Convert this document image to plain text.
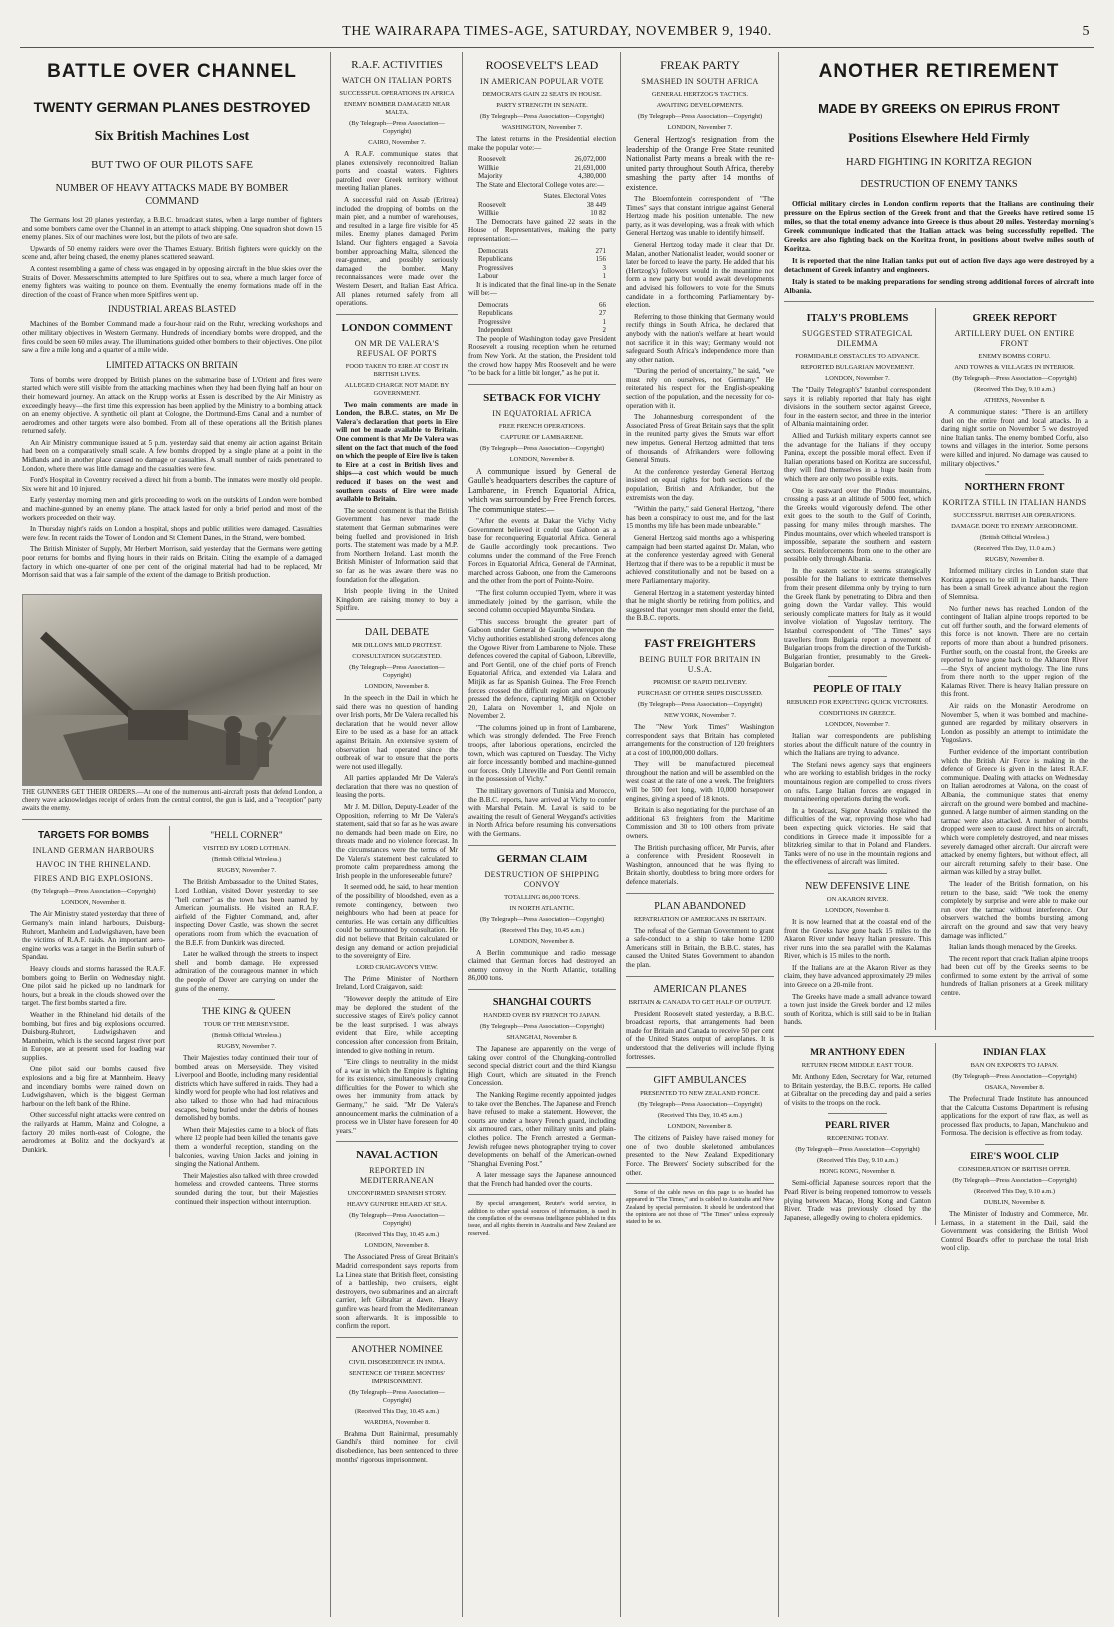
THE WAIRARAPA TIMES-AGE, SATURDAY, NOVEMBER 9, 1940.	5
BATTLE OVER CHANNEL
TWENTY GERMAN PLANES DESTROYED
Six British Machines Lost
BUT TWO OF OUR PILOTS SAFE
NUMBER OF HEAVY ATTACKS MADE BY BOMBER COMMAND

The Germans lost 20 planes yesterday, a B.B.C. broadcast states, when a large number of fighters and some bombers came over the Channel in an attempt to attack shipping. One squadron shot down 15 enemy planes. Six of our machines were lost, but the pilots of two are safe.

Upwards of 50 enemy raiders were over the Thames Estuary. British fighters were quickly on the scene and, after being chased, the enemy planes scattered seaward.

A contest resembling a game of chess was engaged in by opposing aircraft in the blue skies over the Straits of Dover. Messerschmitts attempted to lure Spitfires out to sea, where a much larger force of enemy fighters was waiting to pounce on them. Eventually the enemy formations made off in the direction of the coast of France when more Spitfires went up.

INDUSTRIAL AREAS BLASTED

Machines of the Bomber Command made a four-hour raid on the Ruhr, wrecking workshops and other military objectives in Western Germany. Hundreds of incendiary bombs were dropped, and the fires could be seen 60 miles away. The illuminations guided other bombers to their objectives. One pilot saw a fire a mile long and a quarter of a mile wide.

LIMITED ATTACKS ON BRITAIN

Tons of bombs were dropped by British planes on the submarine base of L'Orient and fires were started which were still visible from the attacking machines when they had been flying half an hour on their homeward journey. An attack on the Krupp works at Essen is described by the Air Ministry as exceedingly heavy—the first time this expression has been applied by the Ministry to a bombing attack on an enemy objective. A synthetic oil plant at Cologne, the Dortmund-Ems Canal and a number of aerodromes and other targets were also bombed. From all of these operations all the British planes returned safely.

An Air Ministry communique issued at 5 p.m. yesterday said that enemy air action against Britain had been on a comparatively small scale. A few bombs dropped by a single plane at a point in the Midlands and in another place caused no damage or casualties. A small number of raids penetrated to London, where there was little damage and the casualties were few.

Ford's Hospital in Coventry received a direct hit from a bomb. The inmates were mostly old people. Six were hit and 10 injured.

Early yesterday morning men and girls proceeding to work on the outskirts of London were bombed and machine-gunned by an enemy plane. The attack lasted for only a brief period and most of the workers proceeded on their way.

In Thursday night's raids on London a hospital, shops and public utilities were damaged. Casualties were few. In recent raids the Tower of London and St Clement Danes, in the Strand, were bombed.

The British Minister of Supply, Mr Herbert Morrison, said yesterday that the Germans were getting poor returns for bombs and flying hours in their raids on Britain. Citing the example of a damaged factory in which one-quarter of one per cent of the original material had had to be replaced, Mr Morrison said that was a fair sample of the extent of the damage to British production.

THE GUNNERS GET THEIR ORDERS.—At one of the numerous anti-aircraft posts that defend London, a cheery wave acknowledges receipt of orders from the central control, the gun is laid, and a "reception" party awaits the enemy.
TARGETS FOR BOMBS
INLAND GERMAN HARBOURS
HAVOC IN THE RHINELAND.
FIRES AND BIG EXPLOSIONS.
(By Telegraph—Press Association—Copyright)
LONDON, November 8.

The Air Ministry stated yesterday that three of Germany's main inland harbours, Duisburg-Ruhrort, Manheim and Ludwigshaven, have been the victims of R.A.F. raids. An important aero-engine works was a target in the Berlin suburb of Spandau.

Heavy clouds and storms harassed the R.A.F. bombers going to Berlin on Wednesday night. One pilot said he picked up no landmark for hours, but a break in the clouds showed over the target. The first bombs started a fire.

Weather in the Rhineland hid details of the bombing, but fires and big explosions occurred. Duisburg-Ruhrort, Ludwigshaven and Mannheim, which is the second largest river port in Europe, are at present used for loading war supplies.

One pilot said our bombs caused five explosions and a big fire at Mannheim. Heavy and incendiary bombs were rained down on Ludwigshaven, which is the biggest German harbour on the left bank of the Rhine.

Other successful night attacks were centred on the railyards at Hamm, Mainz and Cologne, a factory 20 miles north-east of Cologne, the aerodromes at Bolitz and the dockyard's at Dunkirk.

"HELL CORNER"
VISITED BY LORD LOTHIAN.
(British Official Wireless.)
RUGBY, November 7.

The British Ambassador to the United States, Lord Lothian, visited Dover yesterday to see "hell corner" as the town has been named by American journalists. He visited an R.A.F. airfield of the Fighter Command, and, after inspecting Dover Castle, was shown the secret operations room from which the evacuation of the B.E.F. from Dunkirk was directed.

Later he walked through the streets to inspect shell and bomb damage. He expressed admiration of the courageous manner in which the people of Dover are carrying on under the guns of the enemy.

THE KING & QUEEN
TOUR OF THE MERSEYSIDE.
(British Official Wireless.)
RUGBY, November 7.

Their Majesties today continued their tour of bombed areas on Merseyside. They visited Liverpool and Bootle, including many residential districts which have suffered in raids. They had a kindly word for people who had lost relatives and also talked to those who had had miraculous escapes, being buried under the debris of houses demolished by bombs.

When their Majesties came to a block of flats where 12 people had been killed the tenants gave them a wonderful reception, standing on the balconies, waving Union Jacks and joining in singing the National Anthem.

Their Majesties also talked with three crowded homeless and crowded canteens. Three storms sounded during the tour, but their Majesties continued their inspection without interruption.

R.A.F. ACTIVITIES
WATCH ON ITALIAN PORTS
SUCCESSFUL OPERATIONS IN AFRICA
ENEMY BOMBER DAMAGED NEAR MALTA.
(By Telegraph—Press Association—Copyright)
CAIRO, November 7.

A R.A.F. communique states that planes extensively reconnoitred Italian ports and coastal waters. Fighters patrolled over Greek territory without meeting Italian planes.

A successful raid on Assab (Eritrea) included the dropping of bombs on the main pier, and a number of warehouses, and resulted in a large fire visible for 45 miles. Enemy planes damaged Perim Island. Our fighters engaged a Savoia bomber approaching Malta, silenced the rear-gunner, and possibly seriously damaged the bomber. Many reconnaissances were made over the Western Desert, and Italian East Africa. All planes returned safely from all operations.

LONDON COMMENT
ON MR DE VALERA'S REFUSAL OF PORTS
FOOD TAKEN TO EIRE AT COST IN BRITISH LIVES.
ALLEGED CHARGE NOT MADE BY GOVERNMENT.

Two main comments are made in London, the B.B.C. states, on Mr De Valera's declaration that ports in Eire will not be made available to Britain. One comment is that Mr De Valera was silent on the fact that much of the food on which the people of Eire live is taken to Eire at a cost in British lives and ships—a cost which would be much reduced if bases on the west and southern coasts of Eire were made available to Britain.

The second comment is that the British Government has never made the statement that German submarines were being fuelled and provisioned in Irish ports. The statement was made by a M.P. from Northern Ireland. Last month the British Minister of Information said that so far as he was aware there was no foundation for the allegation.

Irish people living in the United Kingdom are raising money to buy a Spitfire.

DAIL DEBATE
MR DILLON'S MILD PROTEST.
CONSULTATION SUGGESTED.
(By Telegraph—Press Association—Copyright)
LONDON, November 8.

In the speech in the Dail in which he said there was no question of handing over Irish ports, Mr De Valera recalled his declaration that he would never allow Eire to be used as a base for an attack against Britain. An extensive system of observation had operated since the outbreak of war to ensure that the ports were not used illegally.

All parties applauded Mr De Valera's declaration that there was no question of leasing the ports.

Mr J. M. Dillon, Deputy-Leader of the Opposition, referring to Mr De Valera's statement, said that so far as he was aware no demands had been made on Eire, no threats made and no violence forecast. In the circumstances were the terms of Mr De Valera's statement best calculated to promote calm preparedness among the Irish people in the unforeseeable future?

It seemed odd, he said, to hear mention of the possibility of bloodshed, even as a remote contingency, between two neighbours who had been at peace for centuries. He was certain any difficulties could be surmounted by consultation. He did not believe that Britain calculated or design any demand or action prejudicial to the sovereignty of Eire.

LORD CRAIGAVON'S VIEW.

The Prime Minister of Northern Ireland, Lord Craigavon, said:

"However deeply the attitude of Eire may be deplored the student of the successive stages of Eire's policy cannot be the least surprised. I was always evident that Eire, while accepting concession after concession from Britain, intended to give nothing in return.

"Eire clings to neutrality in the midst of a war in which the Empire is fighting for its existence, simultaneously creating difficulties for the Power to which she owes her immunity from attack by Germany," he said. "Mr De Valera's announcement marks the culmination of a process we in Ulster have foreseen for 40 years."

NAVAL ACTION
REPORTED IN MEDITERRANEAN
UNCONFIRMED SPANISH STORY.
HEAVY GUNFIRE HEARD AT SEA.
(By Telegraph—Press Association—Copyright)
(Received This Day, 10.45 a.m.)
LONDON, November 8.

The Associated Press of Great Britain's Madrid correspondent says reports from La Linea state that British fleet, consisting of a battleship, two cruisers, eight destroyers, two submarines and an aircraft carrier, left Gibraltar at dawn. Heavy gunfire was heard from the Mediterranean soon afterwards. It is impossible to confirm the report.

ANOTHER NOMINEE
CIVIL DISOBEDIENCE IN INDIA.
SENTENCE OF THREE MONTHS' IMPRISONMENT.
(By Telegraph—Press Association—Copyright)
(Received This Day, 10.45 a.m.)
WARDHA, November 8.

Brahma Dutt Rainirmal, presumably Gandhi's third nominee for civil disobedience, has been sentenced to three months' rigorous imprisonment.

ROOSEVELT'S LEAD
IN AMERICAN POPULAR VOTE
DEMOCRATS GAIN 22 SEATS IN HOUSE.
PARTY STRENGTH IN SENATE.
(By Telegraph—Press Association—Copyright)
WASHINGTON, November 7.

The latest returns in the Presidential election make the popular vote:—

Roosevelt	26,072,000
Willkie	21,691,000
Majority	4,380,000

The State and Electoral College votes are:—

States. Electoral Votes
Roosevelt	38 449
Willkie	10 82

The Democrats have gained 22 seats in the House of Representatives, making the party representation:—

Democrats	271
Republicans	156
Progressives	3
Labour	1

It is indicated that the final line-up in the Senate will be:—

Democrats	66
Republicans	27
Progressive	1
Independent	2

The people of Washington today gave President Roosevelt a rousing reception when he returned from New York. At the station, the President told the crowd how happy Mrs Roosevelt and he were "to be back for a little bit longer," as he put it.

SETBACK FOR VICHY
IN EQUATORIAL AFRICA
FREE FRENCH OPERATIONS.
CAPTURE OF LAMBARENE.
(By Telegraph—Press Association—Copyright)
LONDON, November 8.

A communique issued by General de Gaulle's headquarters describes the capture of Lambarene, in French Equatorial Africa, which was surrounded by Free French forces. The communique states:—

"After the events at Dakar the Vichy Vichy Government believed it could use Gaboon as a base for reconquering Equatorial Africa. General de Gaulle accordingly took precautions. Two columns under the command of the Free French Forces in Equatorial Africa, General de l'Arminat, marched across Gaboon, one from the Cameroons and the other from the port of Pointe-Noire.

"The first column occupied Tyem, where it was immediately joined by the garrison, while the second column occupied Mayumba Sindara.

"This success brought the greater part of Gaboon under General de Gaulle, whereupon the Vichy authorities established strong defences along the Ogowe River from Lambarene to Njole. These defences covered the capital of Gaboon, Libreville, and Port Gentil, one of the chief ports of French Equatorial Africa, and extended via Lalara and Mitjik as far as Spanish Guinea. The Free French forces crossed the difficult region and vigorously pressed the defence, capturing Mitjik on October 20, Lalara on November 1, and Njole on November 2.

"The columns joined up in front of Lambarene, which was strongly defended. The Free French troops, after laborious operations, encircled the town, which was captured on Tuesday. The Vichy air force incessantly bombed and machine-gunned our forces. Only Libreville and Port Gentil remain in the possession of Vichy."

The military governors of Tunisia and Morocco, the B.B.C. reports, have arrived at Vichy to confer with Marshal Petain. M. Laval is said to be awaiting the result of General Weygand's activities in North Africa before resuming his conversations with the Germans.

GERMAN CLAIM
DESTRUCTION OF SHIPPING CONVOY
TOTALLING 86,000 TONS.
IN NORTH ATLANTIC.
(By Telegraph—Press Association—Copyright)
(Received This Day, 10.45 a.m.)
LONDON, November 8.

A Berlin communique and radio message claimed that German forces had destroyed an enemy convoy in the North Atlantic, totalling 86,000 tons.

SHANGHAI COURTS
HANDED OVER BY FRENCH TO JAPAN.
(By Telegraph—Press Association—Copyright)
SHANGHAI, November 8.

The Japanese are apparently on the verge of taking over control of the Chungking-controlled second special district court and the third Kiangsu High Court, which are situated in the French Concession.

The Nanking Regime recently appointed judges to take over the Benches. The Japanese and French have refused to make a statement. However, the courts are under a heavy French guard, including six armoured cars, other military units and plain-clothes police. The French arrested a German-Jewish refugee news photographer trying to cover developments on behalf of the American-owned "Shanghai Evening Post."

A later message says the Japanese announced that the French had handed over the courts.

By special arrangement, Reuter's world service, in addition to other special sources of information, is used in the compilation of the overseas intelligence published in this issue, and all rights therein in Australia and New Zealand are reserved.

FREAK PARTY
SMASHED IN SOUTH AFRICA
GENERAL HERTZOG'S TACTICS.
AWAITING DEVELOPMENTS.
(By Telegraph—Press Association—Copyright)
LONDON, November 7.

General Hertzog's resignation from the leadership of the Orange Free State reunited Nationalist Party means a break with the re-united party throughout South Africa, thereby smashing the party after 14 months of existence.

The Bloemfontein correspondent of "The Times" says that constant intrigue against General Hertzog made his position untenable. The new party, as it was developing, was a freak with which General Hertzog was unable to identify himself.

General Hertzog today made it clear that Dr. Malan, another Nationalist leader, would sooner or later be forced to leave the party. He added that his (Hertzog's) followers would in the meantime not form a new party but would await developments and advised his followers to vote for the Smuts candidate in a forthcoming Parliamentary by-election.

Referring to those thinking that Germany would rectify things in South Africa, he declared that anybody with the nation's welfare at heart would not sacrifice it in this way; Germany would not safeguard South Africa's independence more than any other nation.

"During the period of uncertainty," he said, "we must rely on ourselves, not Germany." He reiterated his respect for the English-speaking section of the population, and the necessity for co-operation with it.

The Johannesburg correspondent of the Associated Press of Great Britain says that the split in the reunited party gives the Smuts war effort new impetus. General Hertzog admitted that tens of thousands of Afrikanders were following General Smuts.

At the conference yesterday General Hertzog insisted on equal rights for both sections of the population, British and Afrikander, but the extremists won the day.

"Within the party," said General Hertzog, "there has been a conspiracy to oust me, and for the last 15 months my life has been made unbearable."

General Hertzog said months ago a whispering campaign had been started against Dr. Malan, who at the conference yesterday agreed with General Hertzog that if there was to be a republic it must be achieved constitutionally and not be based on a mere Parliamentary majority.

General Hertzog in a statement yesterday hinted that he might shortly be retiring from politics, and suggested that younger men should enter the field, the B.B.C. reports.

FAST FREIGHTERS
BEING BUILT FOR BRITAIN IN U.S.A.
PROMISE OF RAPID DELIVERY.
PURCHASE OF OTHER SHIPS DISCUSSED.
(By Telegraph—Press Association—Copyright)
NEW YORK, November 7.

The "New York Times" Washington correspondent says that Britain has completed arrangements for the construction of 120 freighters at a cost of 100,000,000 dollars.

They will be manufactured piecemeal throughout the nation and will be assembled on the west coast at the rate of one a week. The freighters will be 500 feet long, with 10,000 horsepower engines, giving a speed of 18 knots.

Britain is also negotiating for the purchase of an additional 63 freighters from the Maritime Commission and 30 to 100 others from private owners.

The British purchasing officer, Mr Purvis, after a conference with President Roosevelt in Washington, announced that he was flying to Britain shortly, doubtless to bring more orders for defence materials.

PLAN ABANDONED
REPATRIATION OF AMERICANS IN BRITAIN.

The refusal of the German Government to grant a safe-conduct to a ship to take home 1200 Americans still in Britain, the B.B.C. states, has caused the United States Government to abandon the plan.

AMERICAN PLANES
BRITAIN & CANADA TO GET HALF OF OUTPUT.

President Roosevelt stated yesterday, a B.B.C. broadcast reports, that arrangements had been made for Britain and Canada to receive 50 per cent of the United States output of aeroplanes. It is understood that the deliveries will include flying fortresses.

GIFT AMBULANCES
PRESENTED TO NEW ZEALAND FORCE.
(By Telegraph—Press Association—Copyright)
(Received This Day, 10.45 a.m.)
LONDON, November 8.

The citizens of Paisley have raised money for one of two double skeletoned ambulances presented to the New Zealand Expeditionary Force. The Brewers' Society subscribed for the other.

Some of the cable news on this page is so headed has appeared in "The Times," and is cabled to Australia and New Zealand by special permission. It should be understood that the opinions are not those of "The Times" unless expressly stated to be so.

ANOTHER RETIREMENT
MADE BY GREEKS ON EPIRUS FRONT
Positions Elsewhere Held Firmly
HARD FIGHTING IN KORITZA REGION
DESTRUCTION OF ENEMY TANKS

Official military circles in London confirm reports that the Italians are continuing their pressure on the Epirus section of the Greek front and that the Greeks have retired some 15 miles, so that the total enemy advance into Greece is thus about 20 miles. Yesterday morning's Greek communique indicated that the Italian attack was being successfully repelled. The Greeks are also fighting back on the Koritza front, in positions about twelve miles south of Koritza.

It is reported that the nine Italian tanks put out of action five days ago were destroyed by a detachment of Greek infantry and engineers.

Italy is stated to be making preparations for sending strong additional forces of aircraft into Albania.

ITALY'S PROBLEMS
SUGGESTED STRATEGICAL DILEMMA
FORMIDABLE OBSTACLES TO ADVANCE.
REPORTED BULGARIAN MOVEMENT.
LONDON, November 7.

The "Daily Telegraph's" Istanbul correspondent says it is reliably reported that Italy has eight divisions in the southern sector against Greece, four in the eastern sector, and three in the interior of Albania maintaining order.

Allied and Turkish military experts cannot see the advantage for the Italians if they occupy Panina, except the possible moral effect. Even if Italian operations based on Koritza are successful, they will find themselves in a huge basin from which there are only two possible exits.

One is eastward over the Pindus mountains, crossing a pass at an altitude of 5000 feet, which the Greeks would vigorously defend. The other exit goes to the south to the Gulf of Corinth, passing for many miles through marshes. The Pindus mountains, over which wheeled transport is impossible, separate the southern and eastern sectors. Reinforcements from one to the other are possible only through Albania.

In the eastern sector it seems strategically possible for the Italians to extricate themselves from their present dilemma only by trying to turn the Greek flank by penetrating to Dibra and then going down the Vardar valley. This would seriously complicate matters for Italy as it would involve violation of Yugoslav territory. The Istanbul correspondent of "The Times" says travellers from Bulgaria report a movement of Bulgarian troops from the direction of the Turkish-Bulgarian frontier, presumably to the Greek-Bulgarian border.

PEOPLE OF ITALY
REBUKED FOR EXPECTING QUICK VICTORIES.
CONDITIONS IN GREECE.
LONDON, November 7.

Italian war correspondents are publishing stories about the difficult nature of the country in which the Italians are trying to advance.

The Stefani news agency says that engineers who are working to establish bridges in the rocky mountainous region are compelled to cross rivers on rafts. Large Italian forces are engaged in mountaineering operations during the work.

In a broadcast, Signor Ansaldo explained the difficulties of the war, reproving those who had been expecting quick victories. He said that conditions in Greece made it impossible for a blitzkrieg similar to that in Poland and Flanders. Tanks were of no use in the mountain regions and the effectiveness of aircraft was limited.

NEW DEFENSIVE LINE
ON AKARON RIVER.
LONDON, November 8.

It is now learned that at the coastal end of the front the Greeks have gone back 15 miles to the Akaron River under heavy Italian pressure. This river runs into the sea parallel with the Kalamas River, which is 15 miles to the north.

If the Italians are at the Akaron River as they claim, they have advanced approximately 29 miles into Greece on a 20-mile front.

The Greeks have made a small advance toward a town just inside the Greek border and 12 miles south of Koritza, which is still said to be in Italian hands.

GREEK REPORT
ARTILLERY DUEL ON ENTIRE FRONT
ENEMY BOMBS CORFU.
AND TOWNS & VILLAGES IN INTERIOR.
(By Telegraph—Press Association—Copyright)
(Received This Day, 9.10 a.m.)
ATHENS, November 8.

A communique states: "There is an artillery duel on the entire front and local attacks. In a daring night sortie on November 5 we destroyed nine Italian tanks. The enemy bombed Corfu, also towns and villages in the interior. Some persons were killed and injured. No damage was caused to military objectives."

NORTHERN FRONT
KORITZA STILL IN ITALIAN HANDS
SUCCESSFUL BRITISH AIR OPERATIONS.
DAMAGE DONE TO ENEMY AERODROME.
(British Official Wireless.)
(Received This Day, 11.0 a.m.)
RUGBY, November 8.

Informed military circles in London state that Koritza appears to be still in Italian hands. There has been a small Greek advance about the region of Slemnitsa.

No further news has reached London of the contingent of Italian alpine troops reported to be cut off further south, and the forward elements of this force is not known. There are no certain reports of more than about a hundred prisoners. Further south, on the coastal front, the Greeks are reported to have gone back to the Akharon River—the Styx of ancient mythology. The line runs from there north to the upper region of the Kalamas River. There is heavy Italian pressure on this front.

Air raids on the Monastir Aerodrome on November 5, when it was bombed and machine-gunned are regarded by military observers in London as possibly an attempt to intimidate the Yugoslavs.

Further evidence of the important contribution which the British Air Force is making in the defence of Greece is given in the latest R.A.F. communique. Dealing with attacks on Wednesday on Italian aerodromes at Valona, on the coast of Albania, the communique states that enemy aircraft on the ground were bombed and machine-gunned. A large number of airmen standing on the tarmac were also attacked. A number of bombs dropped were seen to cause direct hits on aircraft, which were completely destroyed, and near misses severely damaged other aircraft. Our aircraft were attacked by enemy fighters, but without effect, all our aircraft returning safely to their base. One airman was killed by a stray bullet.

The leader of the British formation, on his return to the base, said: "We took the enemy completely by surprise and were able to make our run over the tarmac without interference. Our observers watched the bombs bursting among aircraft on the ground and saw that very heavy damage was inflicted."

Italian lands though menaced by the Greeks.

The recent report that crack Italian alpine troops had been cut off by the Greeks seems to be confirmed to some extent by the arrival of some hundreds of Italian prisoners at a Greek military centre.

MR ANTHONY EDEN
RETURN FROM MIDDLE EAST TOUR.

Mr. Anthony Eden, Secretary for War, returned to Britain yesterday, the B.B.C. reports. He called at Gibraltar on the preceding day and paid a series of visits to the troops on the rock.

PEARL RIVER
REOPENING TODAY.
(By Telegraph—Press Association—Copyright)
(Received This Day, 9.10 a.m.)
HONG KONG, November 8.

Semi-official Japanese sources report that the Pearl River is being reopened tomorrow to vessels plying between Macao, Hong Kong and Canton River. Trade was previously closed by the Japanese, allegedly owing to cholera epidemics.

INDIAN FLAX
BAN ON EXPORTS TO JAPAN.
(By Telegraph—Press Association—Copyright)
OSAKA, November 8.

The Prefectural Trade Institute has announced that the Calcutta Customs Department is refusing applications for the export of raw flax, as well as processed flax products, to Japan, Manchukuo and Formosa. The decision is effective as from today.

EIRE'S WOOL CLIP
CONSIDERATION OF BRITISH OFFER.
(By Telegraph—Press Association—Copyright)
(Received This Day, 9.10 a.m.)
DUBLIN, November 8.

The Minister of Industry and Commerce, Mr. Lemass, in a statement in the Dail, said the Government was considering the British Wool Control Board's offer to purchase the total Irish wool clip.
